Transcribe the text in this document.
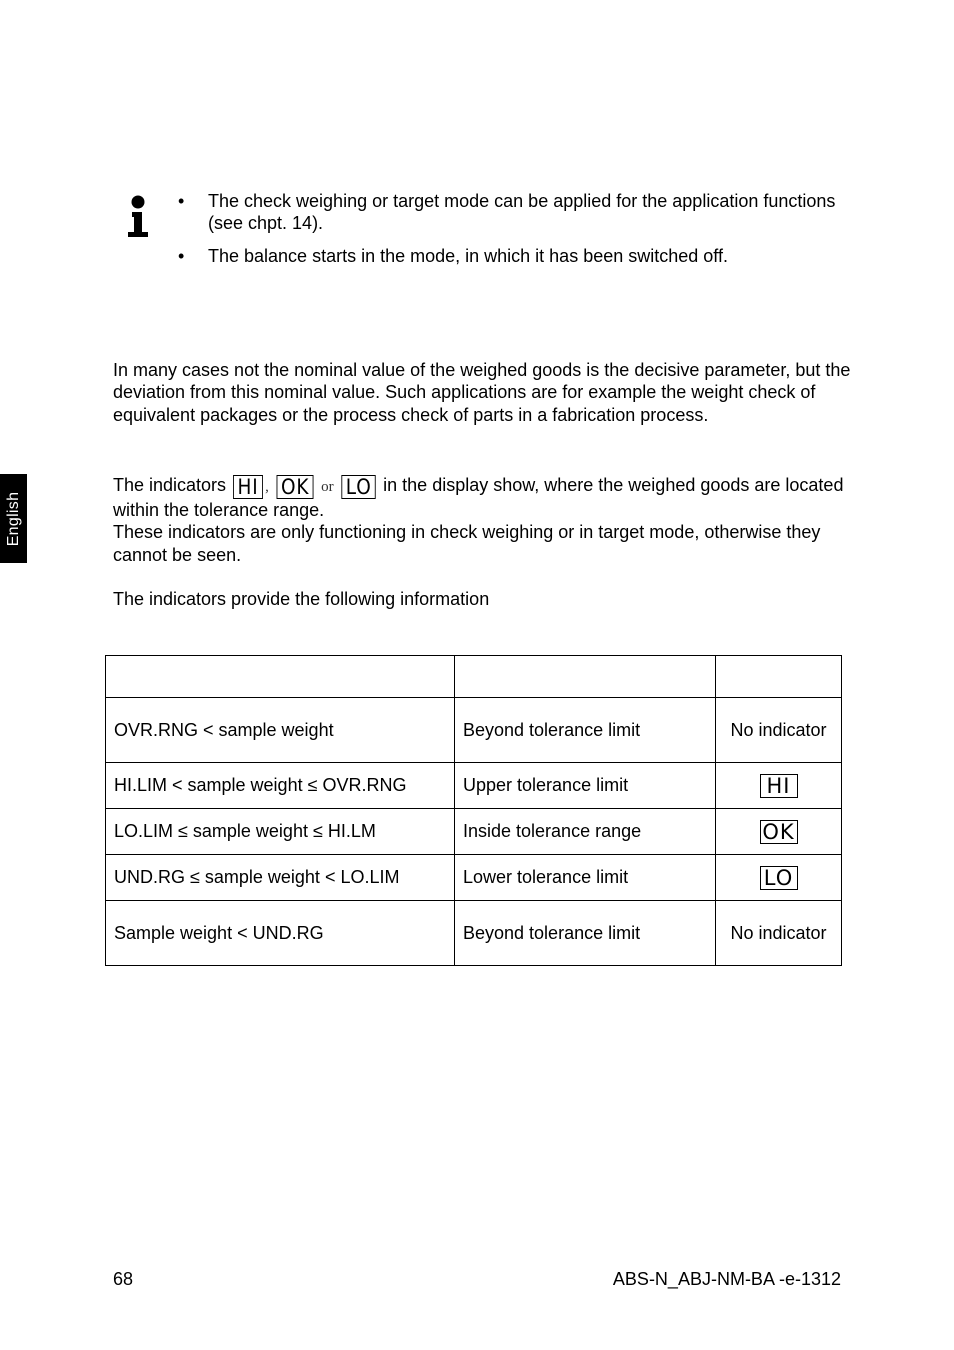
English
• The check weighing or target mode can be applied for the application functions (see chpt. 14).
• The balance starts in the mode, in which it has been switched off.

In many cases not the nominal value of the weighed goods is the decisive parameter, but the deviation from this nominal value. Such applications are for example the weight check of equivalent packages or the process check of parts in a fabrication process.

The indicators HI , OK or LO in the display show, where the weighed goods are located within the tolerance range.
These indicators are only functioning in check weighing or in target mode, otherwise they cannot be seen.

The indicators provide the following information

OVR.RNG < sample weight	Beyond tolerance limit	No indicator
HI.LIM < sample weight ≤ OVR.RNG	Upper tolerance limit	HI
LO.LIM ≤ sample weight ≤ HI.LM	Inside tolerance range	OK
UND.RG ≤ sample weight < LO.LIM	Lower tolerance limit	LO
Sample weight < UND.RG	Beyond tolerance limit	No indicator
68	ABS-N_ABJ-NM-BA -e-1312
